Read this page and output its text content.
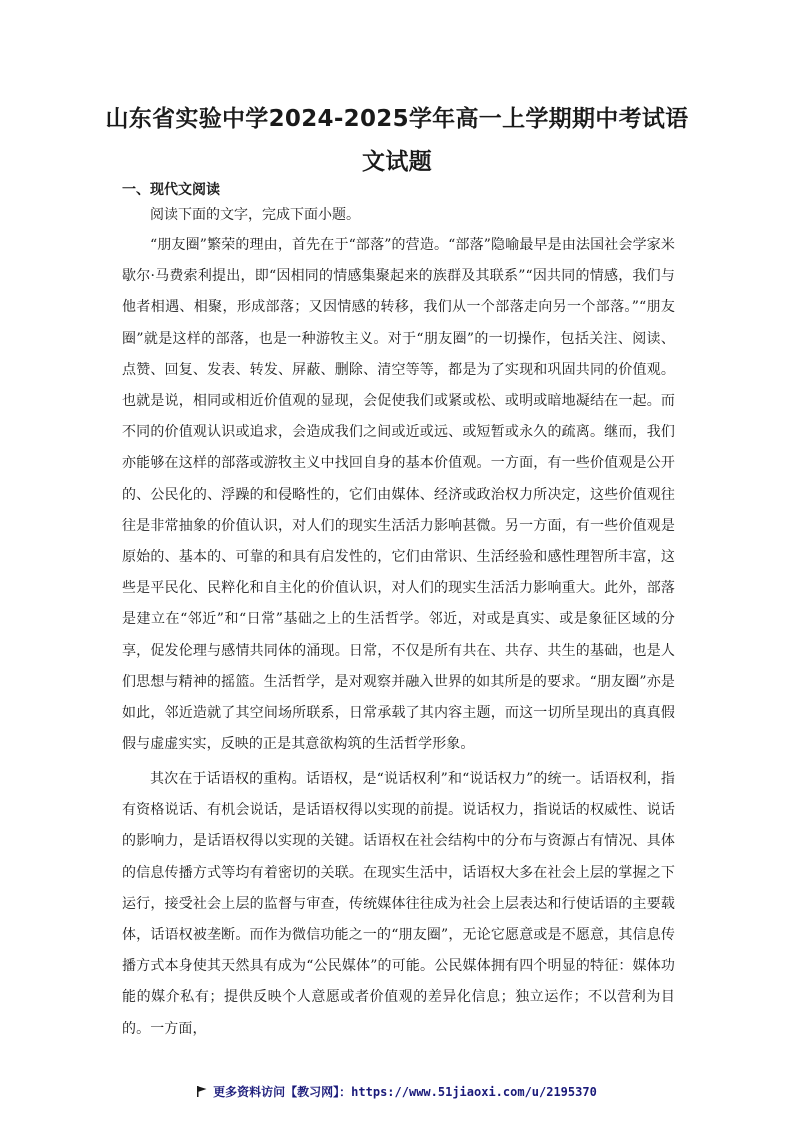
山东省实验中学2024-2025学年高一上学期期中考试语文试题
一、现代文阅读
阅读下面的文字，完成下面小题。

“朋友圈”繁荣的理由，首先在于“部落”的营造。“部落”隐喻最早是由法国社会学家米歇尔·马费索利提出，即“因相同的情感集聚起来的族群及其联系”“因共同的情感，我们与他者相遇、相聚，形成部落；又因情感的转移，我们从一个部落走向另一个部落。”“朋友圈”就是这样的部落，也是一种游牧主义。对于“朋友圈”的一切操作，包括关注、阅读、点赞、回复、发表、转发、屏蔽、删除、清空等等，都是为了实现和巩固共同的价值观。也就是说，相同或相近价值观的显现，会促使我们或紧或松、或明或暗地凝结在一起。而不同的价值观认识或追求，会造成我们之间或近或远、或短暂或永久的疏离。继而，我们亦能够在这样的部落或游牧主义中找回自身的基本价值观。一方面，有一些价值观是公开的、公民化的、浮躁的和侵略性的，它们由媒体、经济或政治权力所决定，这些价值观往往是非常抽象的价值认识，对人们的现实生活活力影响甚微。另一方面，有一些价值观是原始的、基本的、可靠的和具有启发性的，它们由常识、生活经验和感性理智所丰富，这些是平民化、民粹化和自主化的价值认识，对人们的现实生活活力影响重大。此外，部落是建立在“邻近”和“日常”基础之上的生活哲学。邻近，对或是真实、或是象征区域的分享，促发伦理与感情共同体的涌现。日常，不仅是所有共在、共存、共生的基础，也是人们思想与精神的摇篮。生活哲学，是对观察并融入世界的如其所是的要求。“朋友圈”亦是如此，邻近造就了其空间场所联系，日常承载了其内容主题，而这一切所呈现出的真真假假与虚虚实实，反映的正是其意欲构筑的生活哲学形象。

其次在于话语权的重构。话语权，是“说话权利”和“说话权力”的统一。话语权利，指有资格说话、有机会说话，是话语权得以实现的前提。说话权力，指说话的权威性、说话的影响力，是话语权得以实现的关键。话语权在社会结构中的分布与资源占有情况、具体的信息传播方式等均有着密切的关联。在现实生活中，话语权大多在社会上层的掌握之下运行，接受社会上层的监督与审查，传统媒体往往成为社会上层表达和行使话语的主要载体，话语权被垄断。而作为微信功能之一的“朋友圈”，无论它愿意或是不愿意，其信息传播方式本身使其天然具有成为“公民媒体”的可能。公民媒体拥有四个明显的特征：媒体功能的媒介私有；提供反映个人意愿或者价值观的差异化信息；独立运作；不以营利为目的。一方面，

更多资料访问【教习网】：https://www.51jiaoxi.com/u/2195370
